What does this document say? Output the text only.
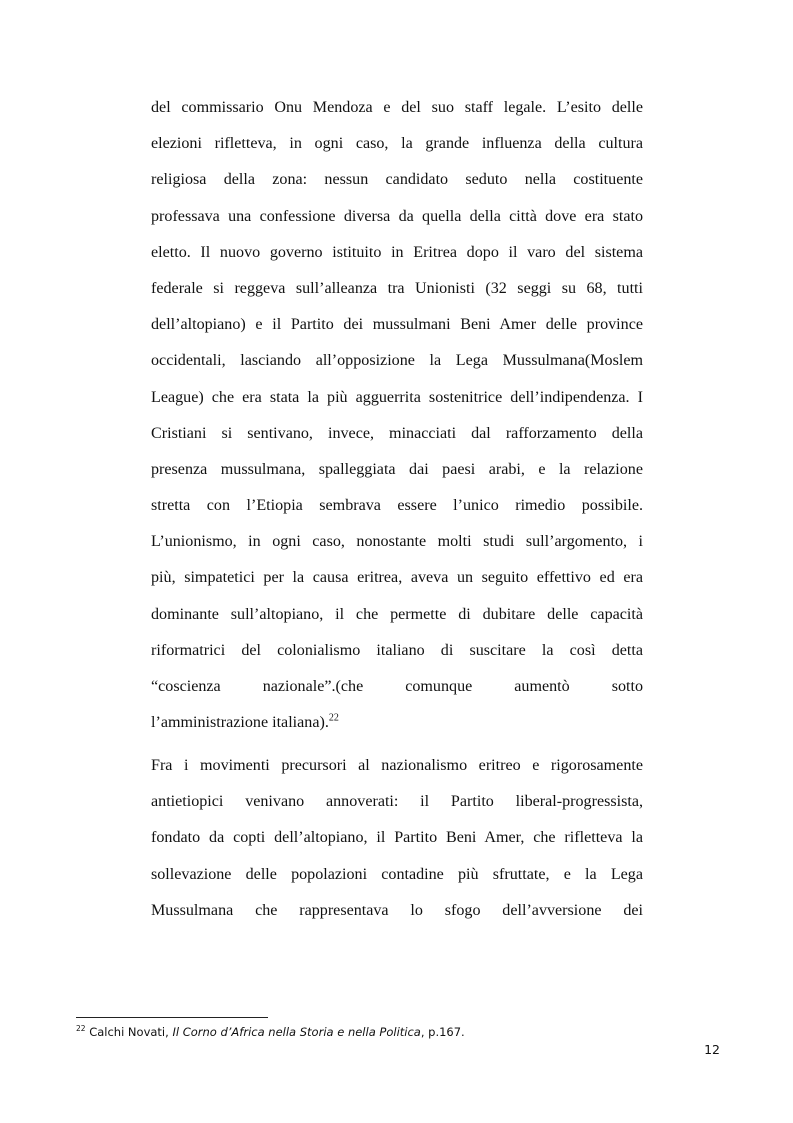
del commissario Onu Mendoza e del suo staff legale. L’esito delle
elezioni rifletteva, in ogni caso, la grande influenza della cultura
religiosa della zona: nessun candidato seduto nella costituente
professava una confessione diversa da quella della città dove era stato
eletto. Il nuovo governo istituito in Eritrea dopo il varo del sistema
federale si reggeva sull’alleanza tra Unionisti (32 seggi su 68, tutti
dell’altopiano) e il Partito dei mussulmani Beni Amer delle province
occidentali, lasciando all’opposizione la Lega Mussulmana(Moslem
League) che era stata la più agguerrita sostenitrice dell’indipendenza. I
Cristiani si sentivano, invece, minacciati dal rafforzamento della
presenza mussulmana, spalleggiata dai paesi arabi, e la relazione
stretta con l’Etiopia sembrava essere l’unico rimedio possibile.
L’unionismo, in ogni caso, nonostante molti studi sull’argomento, i
più, simpatetici per la causa eritrea, aveva un seguito effettivo ed era
dominante sull’altopiano, il che permette di dubitare delle capacità
riformatrici del colonialismo italiano di suscitare la così detta
“coscienza nazionale”.(che comunque aumentò sotto
l’amministrazione italiana).$^{22}$
Fra i movimenti precursori al nazionalismo eritreo e rigorosamente
antietiopici venivano annoverati: il Partito liberal-progressista,
fondato da copti dell’altopiano, il Partito Beni Amer, che rifletteva la
sollevazione delle popolazioni contadine più sfruttate, e la Lega
Mussulmana che rappresentava lo sfogo dell’avversione dei
$^{22}$ Calchi Novati, Il Corno d’Africa nella Storia e nella Politica, p.167.
12
